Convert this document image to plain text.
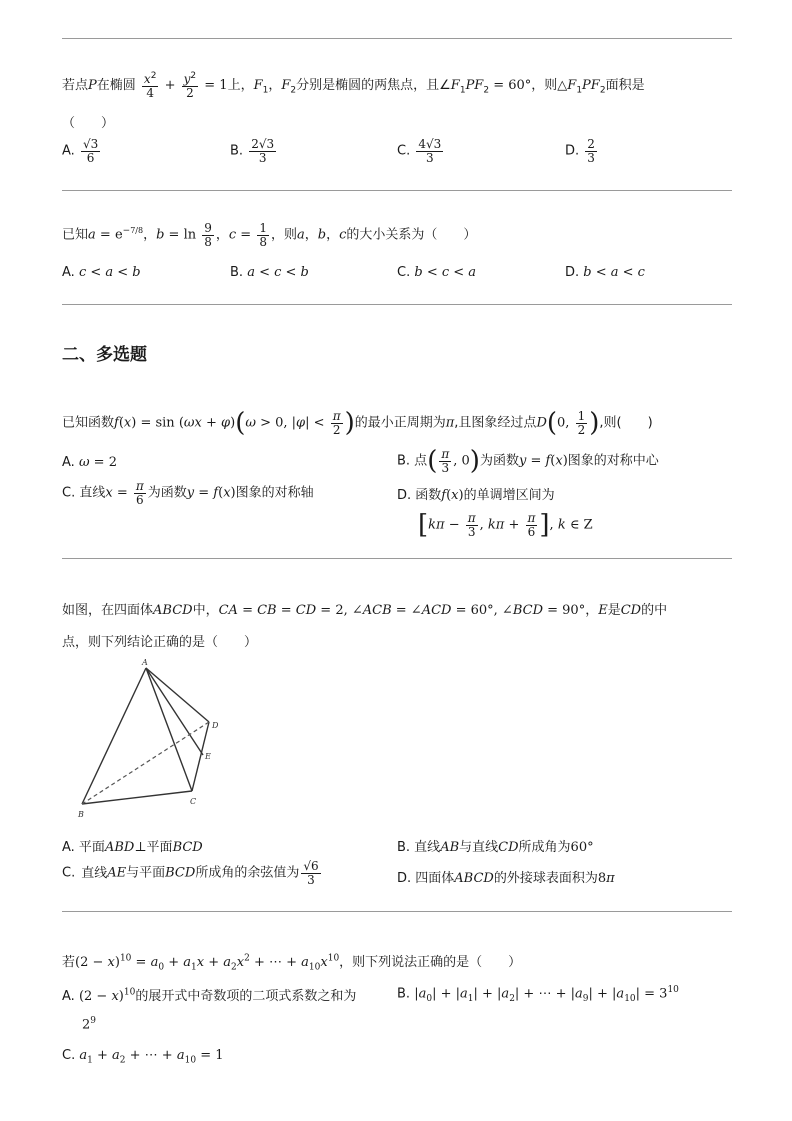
若点P在椭圆 $\frac{x^2}{4} + \frac{y^2}{2} = 1$上，$F_1$，$F_2$分别是椭圆的两焦点，且$\angle F_1PF_2 = 60^\circ$，则$\triangle F_1PF_2$面积是
（　　）
A. $\frac{√3}{6}$	B. $\frac{2√3}{3}$	C. $\frac{4√3}{3}$	D. $\frac{2}{3}$
已知$a = e^{-7/8}$，$b = \ln \frac{9}{8}$ ，$c = \frac{1}{8}$ ，则a，b，c的大小关系为（　　）
A. c < a < b	B. a < c < b	C. b < c < a	D. b < a < c
二、多选题
已知函数f(x) = sin (ωx + φ)(ω > 0, $|\varphi| < \frac{\pi}{2}$ )的最小正周期为π,且图象经过点D(0, $\frac{1}{2}$ ),则(　　)
A. ω = 2	B. 点( $\frac{\pi}{3}$ , 0)为函数y = f(x)图象的对称中心
C. 直线$x = \frac{\pi}{6}$ 为函数y = f(x)图象的对称轴	D. 函数f(x)的单调增区间为
[$k\pi - \frac{\pi}{3}$ , $k\pi + \frac{\pi}{6}$ ], k ∈ Z
如图，在四面体ABCD中，CA = CB = CD = 2, ∠ACB = ∠ACD = 60°, ∠BCD = 90°，E是CD的中
点，则下列结论正确的是（　　）
A
B
C
D
E
A. 平面ABD⊥平面BCD	B. 直线AB与直线CD所成角为60°
C. 直线AE与平面BCD所成角的余弦值为 $\frac{√6}{3}$	D. 四面体ABCD的外接球表面积为8π
若$(2 - x)^{10} = a_0 + a_1x + a_2x^2$ + ⋯ + $a_{10}x^{10}$，则下列说法正确的是（　　）
A. $(2 - x)^{10}$的展开式中奇数项的二项式系数之和为
$2^9$
B. $|a_0| + |a_1| + |a_2|$ + ⋯ + $|a_9| + |a_{10}| = 3^{10}$
C. $a_1 + a_2$ + ⋯ + $a_{10} = 1$
